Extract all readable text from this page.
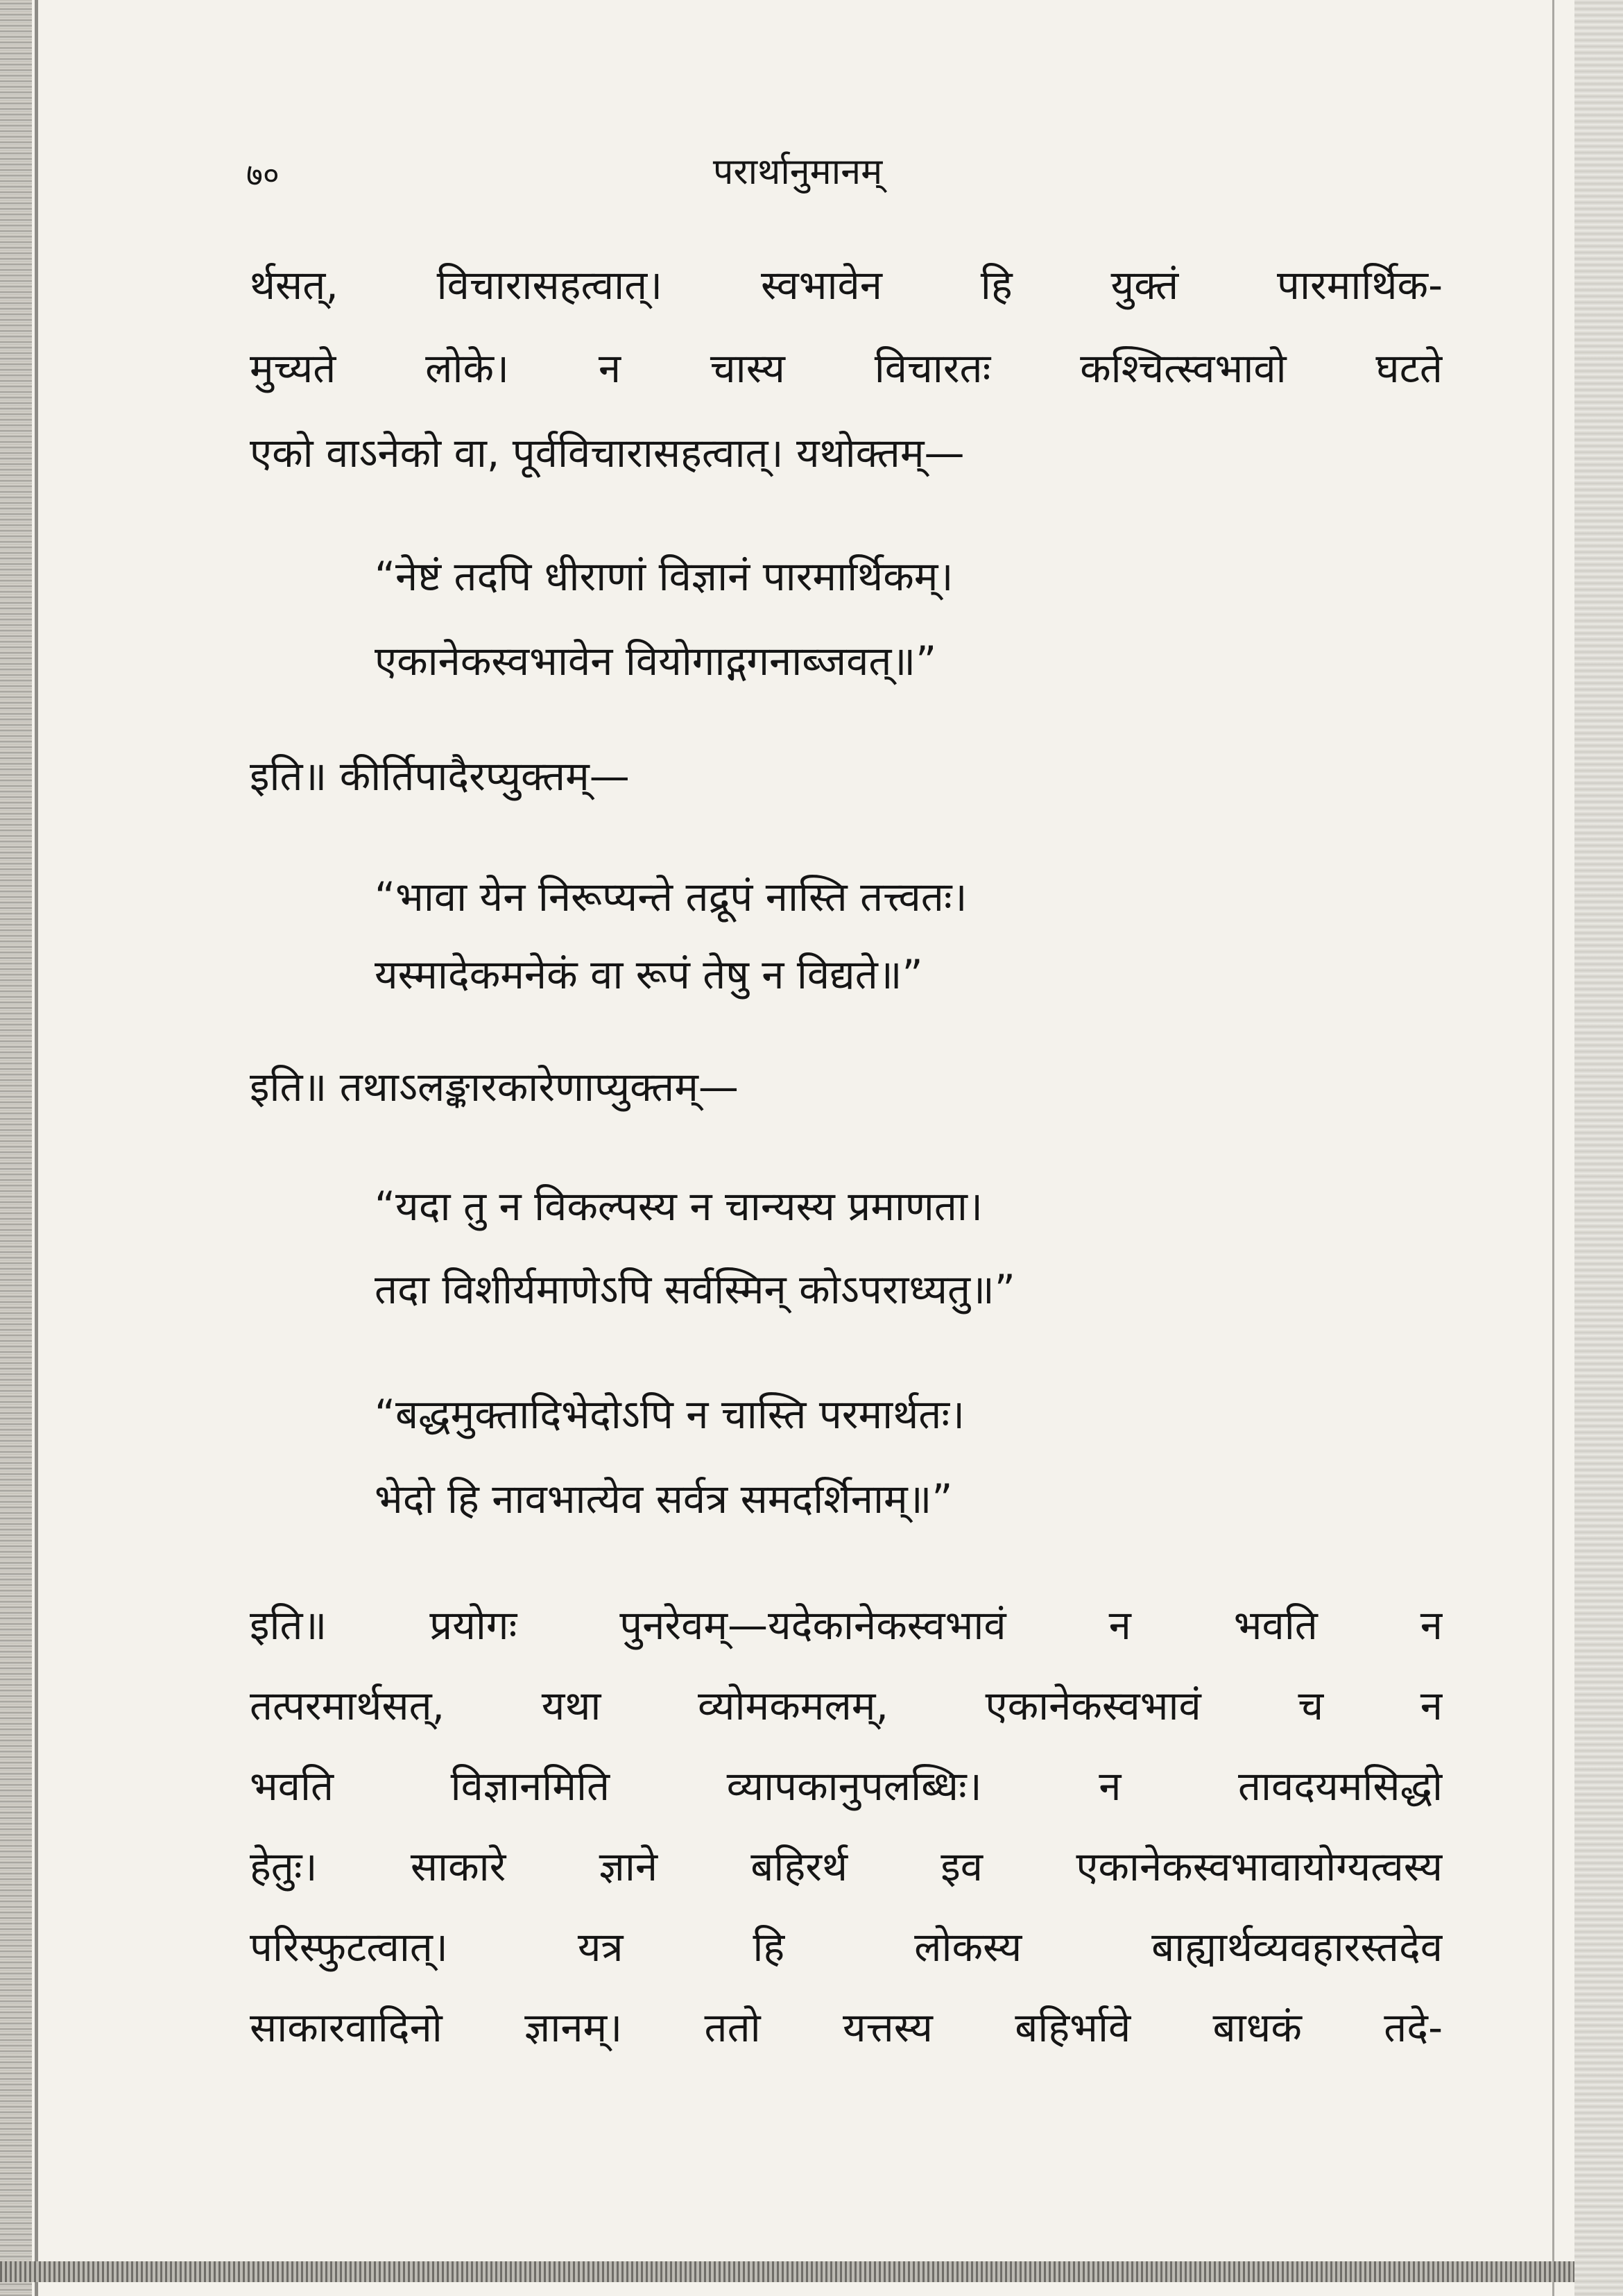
७०	परार्थानुमानम्
र्थसत्, विचारासहत्वात्। स्वभावेन हि युक्तं पारमार्थिक-
मुच्यते लोके। न चास्य विचारतः कश्चित्स्वभावो घटते
एको वाऽनेको वा, पूर्वविचारासहत्वात्। यथोक्तम्—
“नेष्टं तदपि धीराणां विज्ञानं पारमार्थिकम्।
एकानेकस्वभावेन वियोगाद्गगनाब्जवत्॥”
इति॥ कीर्तिपादैरप्युक्तम्—
“भावा येन निरूप्यन्ते तद्रूपं नास्ति तत्त्वतः।
यस्मादेकमनेकं वा रूपं तेषु न विद्यते॥”
इति॥ तथाऽलङ्कारकारेणाप्युक्तम्—
“यदा तु न विकल्पस्य न चान्यस्य प्रमाणता।
तदा विशीर्यमाणेऽपि सर्वस्मिन् कोऽपराध्यतु॥”
“बद्धमुक्तादिभेदोऽपि न चास्ति परमार्थतः।
भेदो हि नावभात्येव सर्वत्र समदर्शिनाम्॥”
इति॥ प्रयोगः पुनरेवम्—यदेकानेकस्वभावं न भवति न
तत्परमार्थसत्, यथा व्योमकमलम्, एकानेकस्वभावं च न
भवति विज्ञानमिति व्यापकानुपलब्धिः। न तावदयमसिद्धो
हेतुः। साकारे ज्ञाने बहिरर्थ इव एकानेकस्वभावायोग्यत्वस्य
परिस्फुटत्वात्। यत्र हि लोकस्य बाह्यार्थव्यवहारस्तदेव
साकारवादिनो ज्ञानम्। ततो यत्तस्य बहिर्भावे बाधकं तदे-
